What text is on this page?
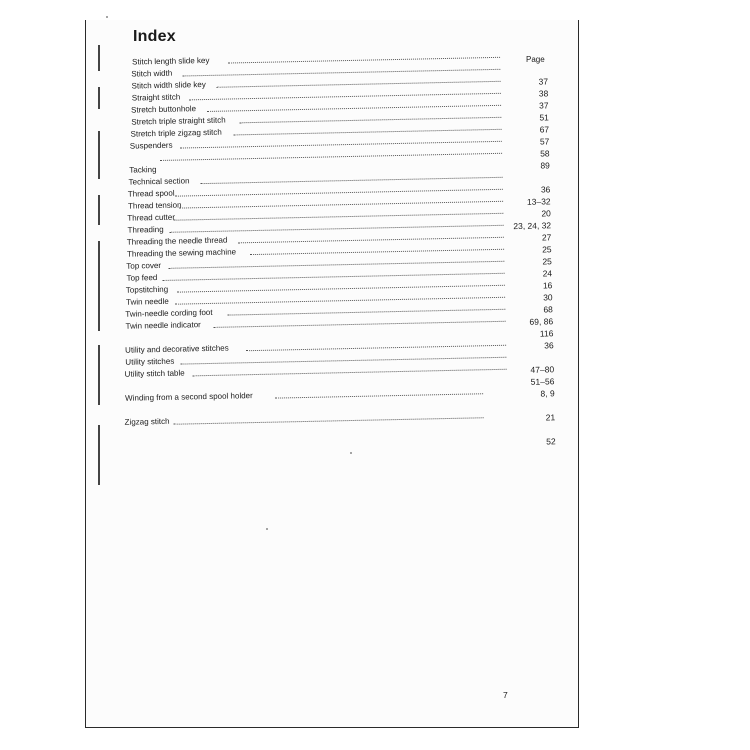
Index
Page
Stitch length slide key
Stitch width
Stitch width slide key
Straight stitch
Stretch buttonhole
Stretch triple straight stitch
Stretch triple zigzag stitch
Suspenders
Tacking
Technical section
Thread spool
Thread tension
Thread cutter
Threading
Threading the needle thread
Threading the sewing machine
Top cover
Top feed
Topstitching
Twin needle
Twin-needle cording foot
Twin needle indicator
Utility and decorative stitches
Utility stitches
Utility stitch table
Winding from a second spool holder
Zigzag stitch
37
38
37
51
67
57
58
89
36
13–32
20
23, 24, 32
27
25
25
24
16
30
68
69, 86
116
36
47–80
51–56
8, 9
21
52
7
